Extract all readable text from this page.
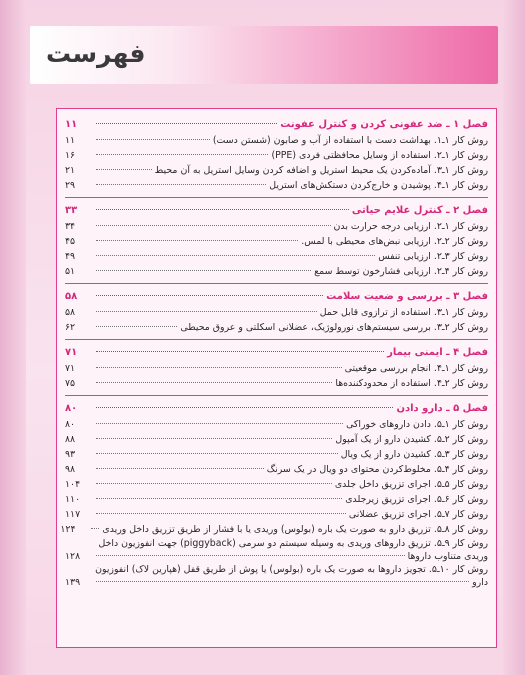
فهرست
فصل ۱ ـ ضد عفونی کردن و کنترل عفونت
۱۱
روش کار ۱ـ۱. بهداشت دست با استفاده از آب و صابون (شستن دست)
۱۱
روش کار ۱ـ۲. استفاده از وسایل محافظتی فردی (PPE)
۱۶
روش کار ۱ـ۳. آماده‌کردن یک محیط استریل و اضافه کردن وسایل استریل به آن محیط
۲۱
روش کار ۱ـ۴. پوشیدن و خارج‌کردن دستکش‌های استریل
۲۹
فصل ۲ ـ کنترل علایم حیاتی
۳۳
روش کار ۱ـ۲. ارزیابی درجه حرارت بدن
۳۴
روش کار ۲ـ۲. ارزیابی نبض‌های محیطی با لمس.
۴۵
روش کار ۳ـ۲. ارزیابی تنفس
۴۹
روش کار ۴ـ۲. ارزیابی فشارخون توسط سمع
۵۱
فصل ۳ ـ بررسی و ضعیت سلامت
۵۸
روش کار ۱ـ۳. استفاده از ترازوی قابل حمل
۵۸
روش کار ۲ـ۳. بررسی سیستم‌های نورولوژیک، عضلانی اسکلتی و عروق محیطی
۶۲
فصل ۴ ـ ایمنی بیمار
۷۱
روش کار ۱ـ۴. انجام بررسی موقعیتی
۷۱
روش کار ۲ـ۴. استفاده از محدودکننده‌ها
۷۵
فصل ۵ ـ دارو دادن
۸۰
روش کار ۱ـ۵. دادن داروهای خوراکی
۸۰
روش کار ۲ـ۵. کشیدن دارو از یک آمپول
۸۸
روش کار ۳ـ۵. کشیدن دارو از یک ویال
۹۳
روش کار ۴ـ۵. مخلوط‌کردن محتوای دو ویال در یک سرنگ
۹۸
روش کار ۵ـ۵. اجرای تزریق داخل جلدی
۱۰۴
روش کار ۶ـ۵. اجرای تزریق زیرجلدی
۱۱۰
روش کار ۷ـ۵. اجرای تزریق عضلانی
۱۱۷
روش کار ۸ـ۵. تزریق دارو به صورت یک باره (بولوس) وریدی یا با فشار از طریق تزریق داخل وریدی
۱۲۴
روش کار ۹ـ۵. تزریق داروهای وریدی به وسیله سیستم دو سرمی (piggyback) جهت انفوزیون داخل
وریدی متناوب داروها
۱۲۸
روش کار ۱۰ـ۵. تجویز داروها به صورت یک باره (بولوس) یا پوش از طریق قفل (هپارین لاک) انفوزیون
دارو
۱۳۹
